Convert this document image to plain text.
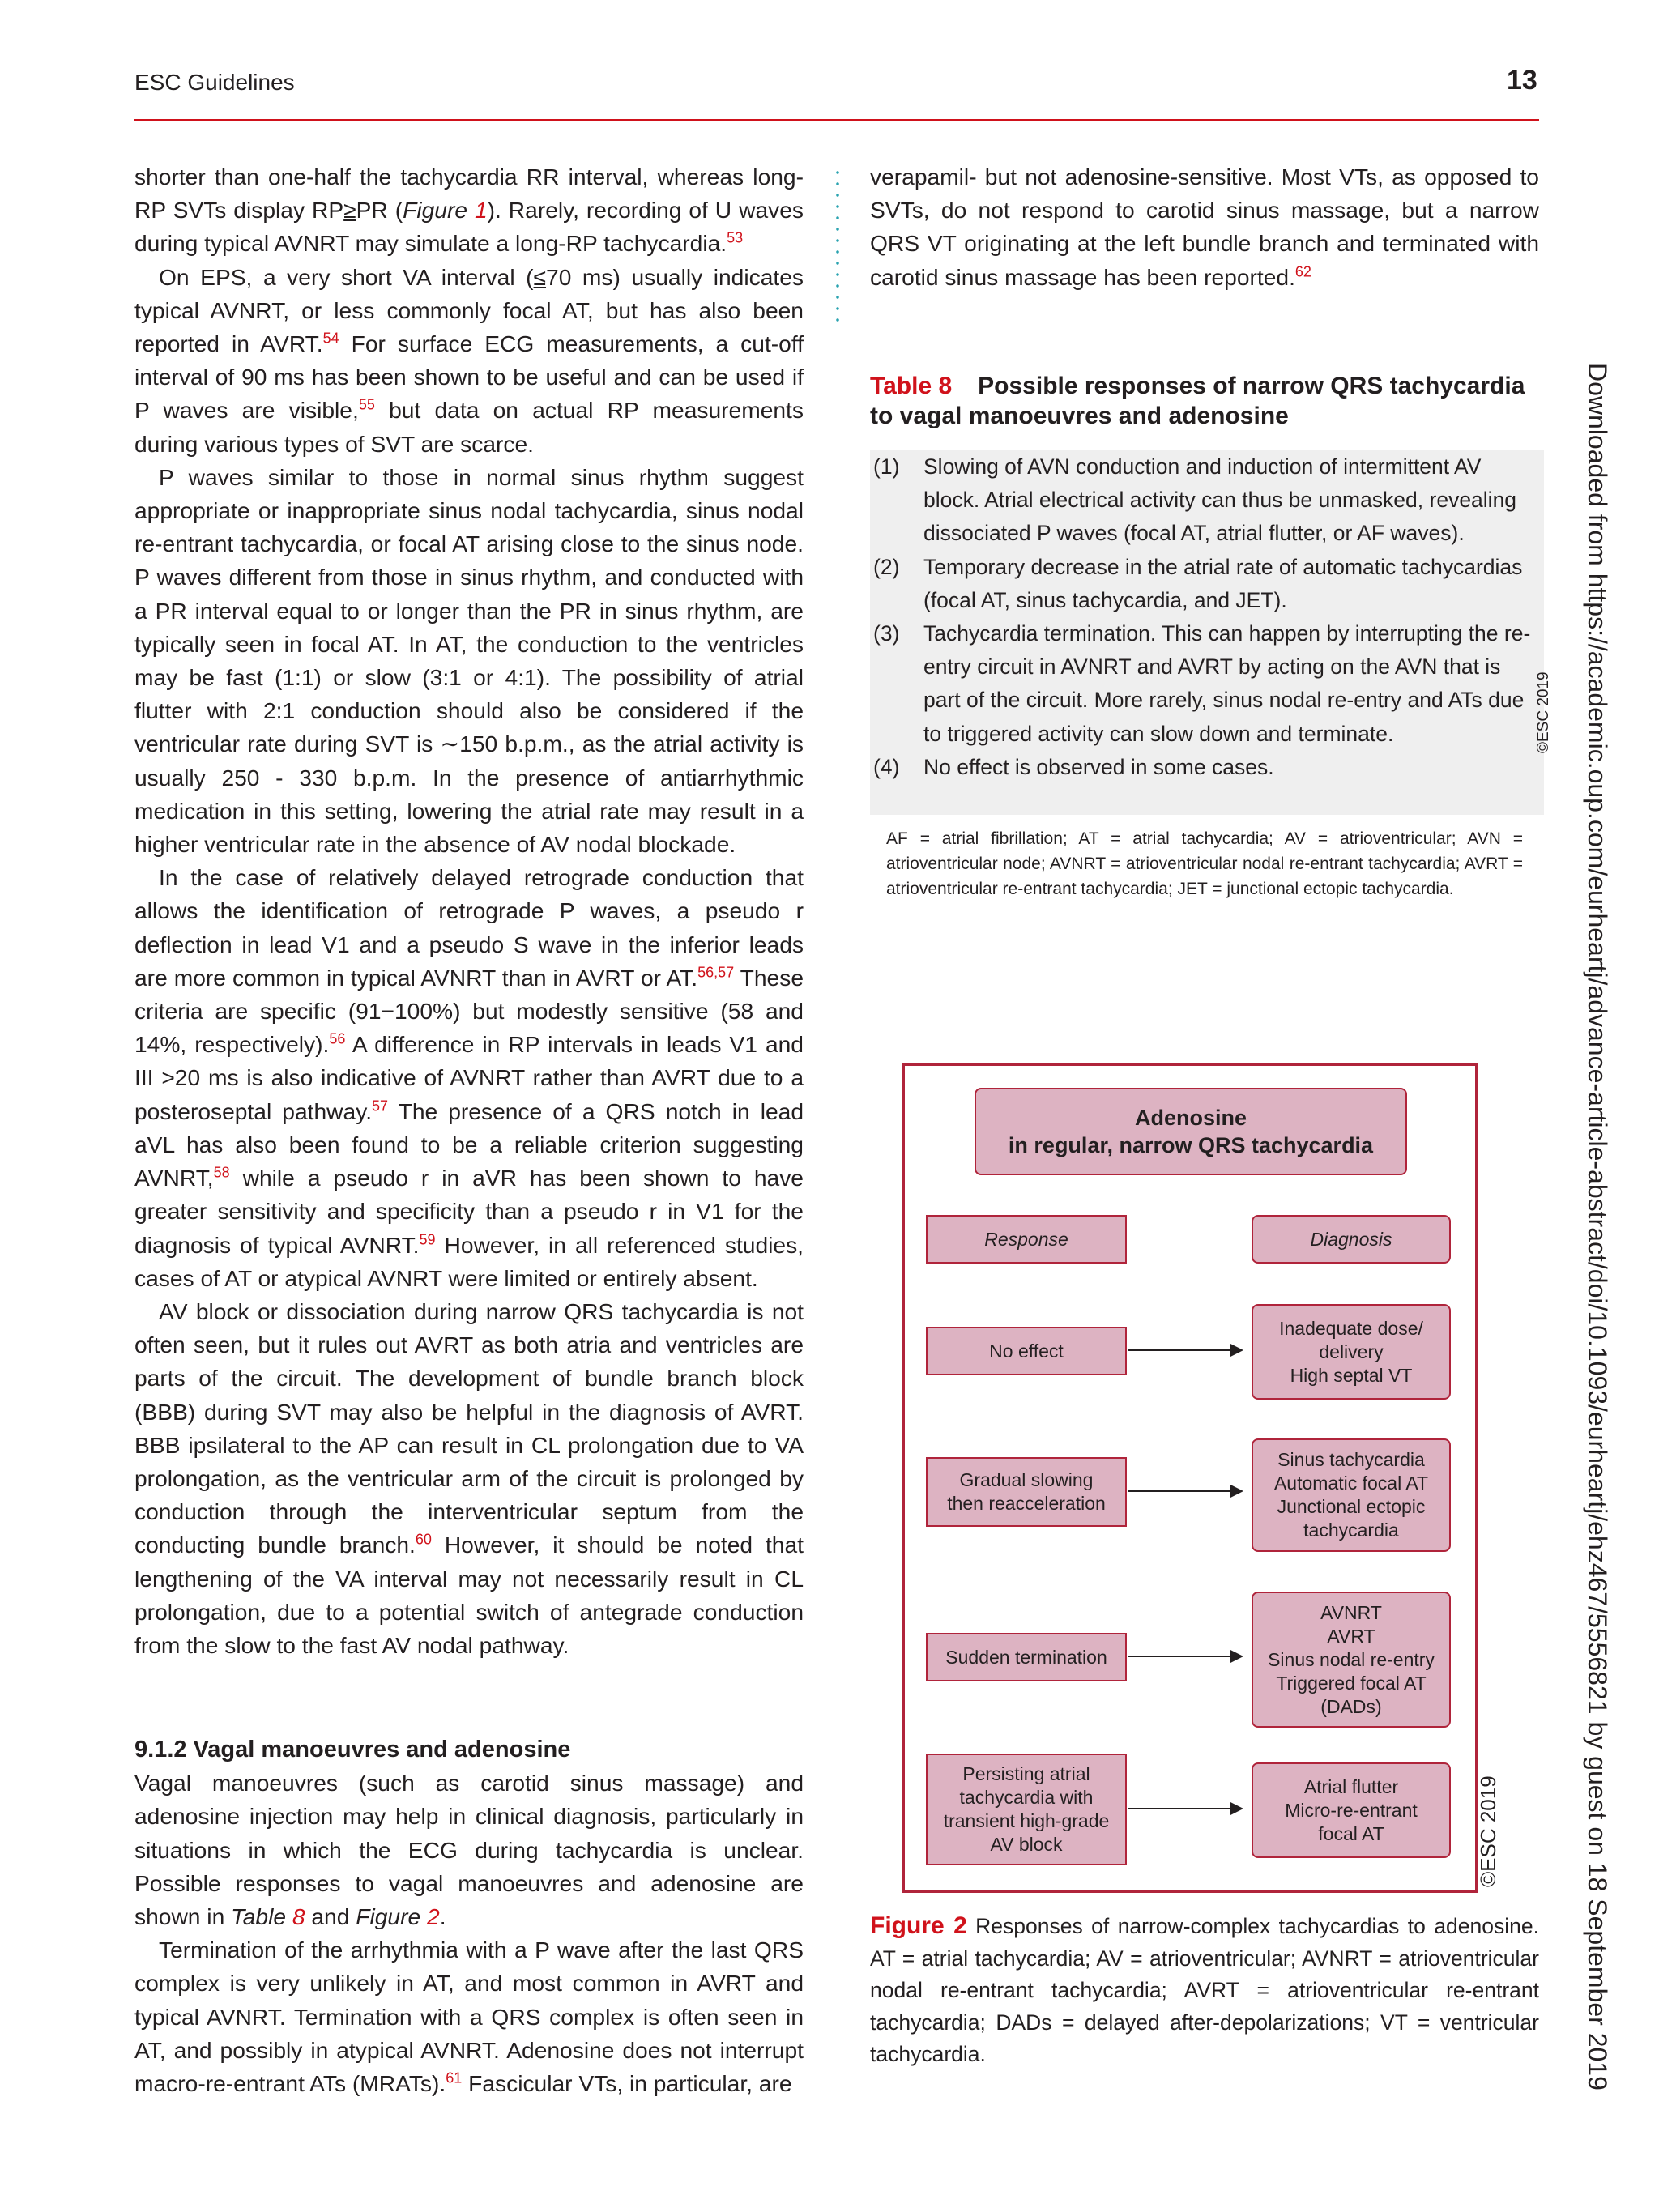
ESC Guidelines	13

shorter than one-half the tachycardia RR interval, whereas long-RP SVTs display RP≥PR (Figure 1). Rarely, recording of U waves during typical AVNRT may simulate a long-RP tachycardia.$^{53}$

On EPS, a very short VA interval (≤70 ms) usually indicates typical AVNRT, or less commonly focal AT, but has also been reported in AVRT.$^{54}$ For surface ECG measurements, a cut-off interval of 90 ms has been shown to be useful and can be used if P waves are visible,$^{55}$ but data on actual RP measurements during various types of SVT are scarce.

P waves similar to those in normal sinus rhythm suggest appropriate or inappropriate sinus nodal tachycardia, sinus nodal re-entrant tachycardia, or focal AT arising close to the sinus node. P waves different from those in sinus rhythm, and conducted with a PR interval equal to or longer than the PR in sinus rhythm, are typically seen in focal AT. In AT, the conduction to the ventricles may be fast (1:1) or slow (3:1 or 4:1). The possibility of atrial flutter with 2:1 conduction should also be considered if the ventricular rate during SVT is ∼150 b.p.m., as the atrial activity is usually 250 - 330 b.p.m. In the presence of antiarrhythmic medication in this setting, lowering the atrial rate may result in a higher ventricular rate in the absence of AV nodal blockade.

In the case of relatively delayed retrograde conduction that allows the identification of retrograde P waves, a pseudo r deflection in lead V1 and a pseudo S wave in the inferior leads are more common in typical AVNRT than in AVRT or AT.$^{56,57}$ These criteria are specific (91−100%) but modestly sensitive (58 and 14%, respectively).$^{56}$ A difference in RP intervals in leads V1 and III >20 ms is also indicative of AVNRT rather than AVRT due to a posteroseptal pathway.$^{57}$ The presence of a QRS notch in lead aVL has also been found to be a reliable criterion suggesting AVNRT,$^{58}$ while a pseudo r in aVR has been shown to have greater sensitivity and specificity than a pseudo r in V1 for the diagnosis of typical AVNRT.$^{59}$ However, in all referenced studies, cases of AT or atypical AVNRT were limited or entirely absent.

AV block or dissociation during narrow QRS tachycardia is not often seen, but it rules out AVRT as both atria and ventricles are parts of the circuit. The development of bundle branch block (BBB) during SVT may also be helpful in the diagnosis of AVRT. BBB ipsilateral to the AP can result in CL prolongation due to VA prolongation, as the ventricular arm of the circuit is prolonged by conduction through the interventricular septum from the conducting bundle branch.$^{60}$ However, it should be noted that lengthening of the VA interval may not necessarily result in CL prolongation, due to a potential switch of antegrade conduction from the slow to the fast AV nodal pathway.

9.1.2 Vagal manoeuvres and adenosine

Vagal manoeuvres (such as carotid sinus massage) and adenosine injection may help in clinical diagnosis, particularly in situations in which the ECG during tachycardia is unclear. Possible responses to vagal manoeuvres and adenosine are shown in Table 8 and Figure 2.

Termination of the arrhythmia with a P wave after the last QRS complex is very unlikely in AT, and most common in AVRT and typical AVNRT. Termination with a QRS complex is often seen in AT, and possibly in atypical AVNRT. Adenosine does not interrupt macro-re-entrant ATs (MRATs).$^{61}$ Fascicular VTs, in particular, are

verapamil- but not adenosine-sensitive. Most VTs, as opposed to SVTs, do not respond to carotid sinus massage, but a narrow QRS VT originating at the left bundle branch and terminated with carotid sinus massage has been reported.$^{62}$

Table 8 Possible responses of narrow QRS tachycardia to vagal manoeuvres and adenosine
(1) Slowing of AVN conduction and induction of intermittent AV block. Atrial electrical activity can thus be unmasked, revealing dissociated P waves (focal AT, atrial flutter, or AF waves).
(2) Temporary decrease in the atrial rate of automatic tachycardias (focal AT, sinus tachycardia, and JET).
(3) Tachycardia termination. This can happen by interrupting the re-entry circuit in AVNRT and AVRT by acting on the AVN that is part of the circuit. More rarely, sinus nodal re-entry and ATs due to triggered activity can slow down and terminate.
(4) No effect is observed in some cases.
©ESC 2019
AF = atrial fibrillation; AT = atrial tachycardia; AV = atrioventricular; AVN = atrioventricular node; AVNRT = atrioventricular nodal re-entrant tachycardia; AVRT = atrioventricular re-entrant tachycardia; JET = junctional ectopic tachycardia.	Downloaded from https://academic.oup.com/eurheartj/advance-article-abstract/doi/10.1093/eurheartj/ehz467/5556821 by guest on 18 September 2019
Adenosine
in regular, narrow QRS tachycardia
Response	Diagnosis
No effect
Inadequate dose/
delivery
High septal VT
Gradual slowing
then reacceleration
Sinus tachycardia
Automatic focal AT
Junctional ectopic
tachycardia
Sudden termination
AVNRT
AVRT
Sinus nodal re-entry
Triggered focal AT
(DADs)
Persisting atrial
tachycardia with
transient high-grade
AV block
Atrial flutter
Micro-re-entrant
focal AT	©ESC 2019
Figure 2 Responses of narrow-complex tachycardias to adenosine. AT = atrial tachycardia; AV = atrioventricular; AVNRT = atrioventricular nodal re-entrant tachycardia; AVRT = atrioventricular re-entrant tachycardia; DADs = delayed after-depolarizations; VT = ventricular tachycardia.
